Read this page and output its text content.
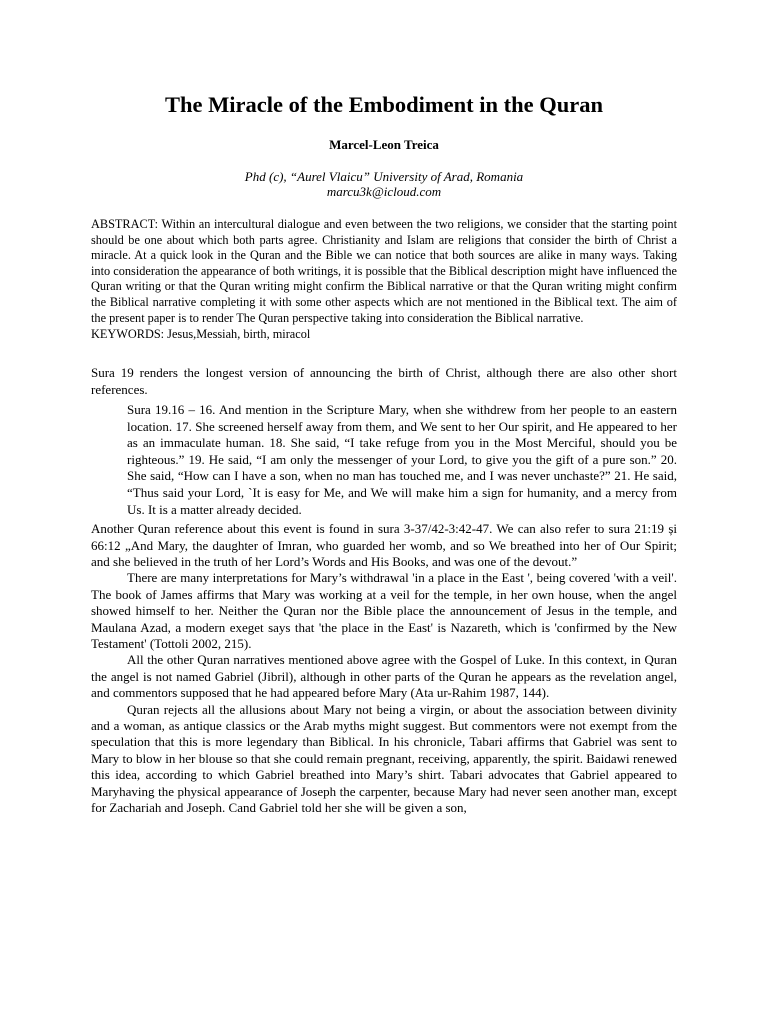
The Miracle of the Embodiment in the Quran
Marcel-Leon Treica
Phd (c), “Aurel Vlaicu” University of Arad, Romania
marcu3k@icloud.com

ABSTRACT: Within an intercultural dialogue and even between the two religions, we consider that the starting point should be one about which both parts agree. Christianity and Islam are religions that consider the birth of Christ a miracle. At a quick look in the Quran and the Bible we can notice that both sources are alike in many ways. Taking into consideration the appearance of both writings, it is possible that the Biblical description might have influenced the Quran writing or that the Quran writing might confirm the Biblical narrative or that the Quran writing might confirm the Biblical narrative completing it with some other aspects which are not mentioned in the Biblical text. The aim of the present paper is to render The Quran perspective taking into consideration the Biblical narrative.

KEYWORDS: Jesus,Messiah, birth, miracol

Sura 19 renders the longest version of announcing the birth of Christ, although there are also other short references.

Sura 19.16 – 16. And mention in the Scripture Mary, when she withdrew from her people to an eastern location. 17. She screened herself away from them, and We sent to her Our spirit, and He appeared to her as an immaculate human. 18. She said, “I take refuge from you in the Most Merciful, should you be righteous.” 19. He said, “I am only the messenger of your Lord, to give you the gift of a pure son.” 20. She said, “How can I have a son, when no man has touched me, and I was never unchaste?” 21. He said, “Thus said your Lord, `It is easy for Me, and We will make him a sign for humanity, and a mercy from Us. It is a matter already decided.

Another Quran reference about this event is found in sura 3-37/42-3:42-47. We can also refer to sura 21:19 și 66:12 „And Mary, the daughter of Imran, who guarded her womb, and so We breathed into her of Our Spirit; and she believed in the truth of her Lord’s Words and His Books, and was one of the devout.”

There are many interpretations for Mary’s withdrawal 'in a place in the East ', being covered 'with a veil'. The book of James affirms that Mary was working at a veil for the temple, in her own house, when the angel showed himself to her. Neither the Quran nor the Bible place the announcement of Jesus in the temple, and Maulana Azad, a modern exeget says that 'the place in the East' is Nazareth, which is 'confirmed by the New Testament' (Tottoli 2002, 215).

All the other Quran narratives mentioned above agree with the Gospel of Luke. In this context, in Quran the angel is not named Gabriel (Jibril), although in other parts of the Quran he appears as the revelation angel, and commentors supposed that he had appeared before Mary (Ata ur-Rahim 1987, 144).

Quran rejects all the allusions about Mary not being a virgin, or about the association between divinity and a woman, as antique classics or the Arab myths might suggest. But commentors were not exempt from the speculation that this is more legendary than Biblical. In his chronicle, Tabari affirms that Gabriel was sent to Mary to blow in her blouse so that she could remain pregnant, receiving, apparently, the spirit. Baidawi renewed this idea, according to which Gabriel breathed into Mary’s shirt. Tabari advocates that Gabriel appeared to Maryhaving the physical appearance of Joseph the carpenter, because Mary had never seen another man, except for Zachariah and Joseph. Cand Gabriel told her she will be given a son,
